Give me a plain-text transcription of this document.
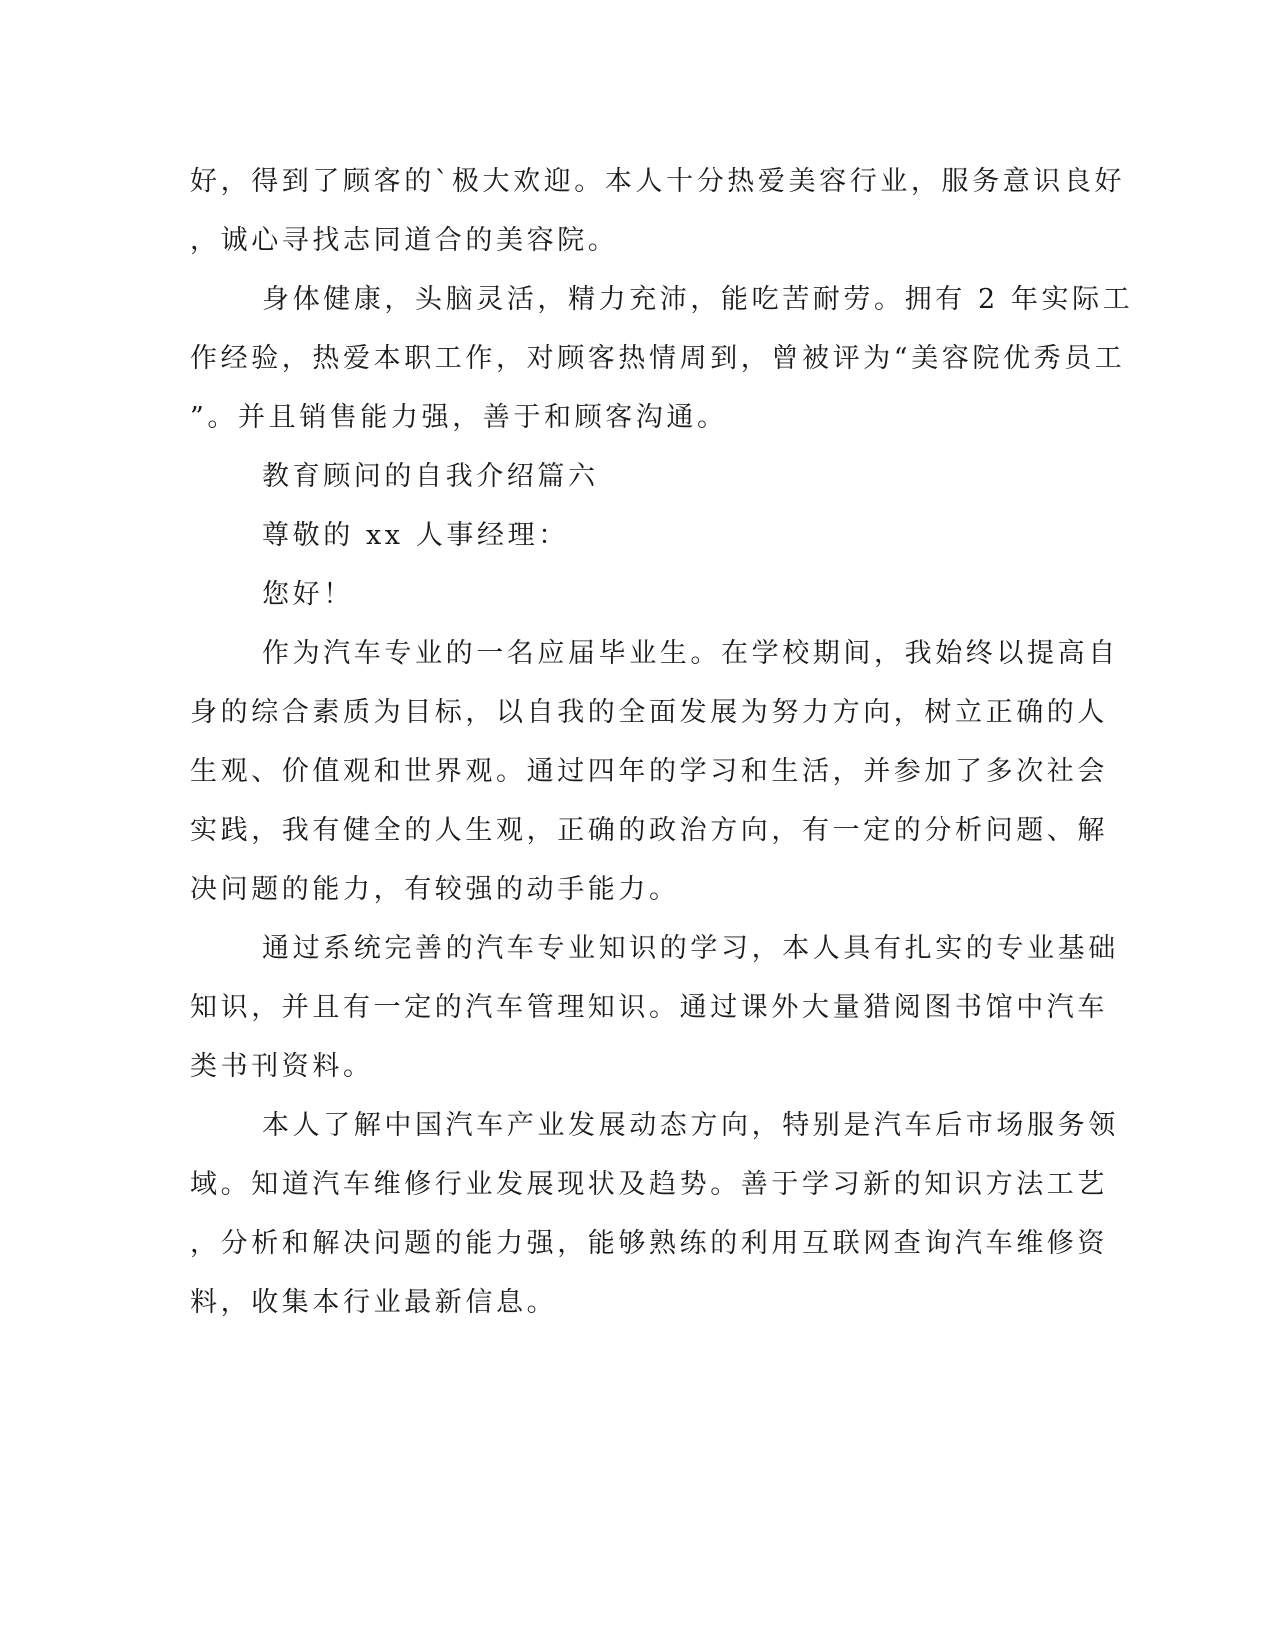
好，得到了顾客的`极大欢迎。本人十分热爱美容行业，服务意识良好
，诚心寻找志同道合的美容院。
身体健康，头脑灵活，精力充沛，能吃苦耐劳。拥有 2 年实际工
作经验，热爱本职工作，对顾客热情周到，曾被评为“美容院优秀员工
”。并且销售能力强，善于和顾客沟通。
教育顾问的自我介绍篇六
尊敬的 xx 人事经理：
您好！
作为汽车专业的一名应届毕业生。在学校期间，我始终以提高自
身的综合素质为目标，以自我的全面发展为努力方向，树立正确的人
生观、价值观和世界观。通过四年的学习和生活，并参加了多次社会
实践，我有健全的人生观，正确的政治方向，有一定的分析问题、解
决问题的能力，有较强的动手能力。
通过系统完善的汽车专业知识的学习，本人具有扎实的专业基础
知识，并且有一定的汽车管理知识。通过课外大量猎阅图书馆中汽车
类书刊资料。
本人了解中国汽车产业发展动态方向，特别是汽车后市场服务领
域。知道汽车维修行业发展现状及趋势。善于学习新的知识方法工艺
，分析和解决问题的能力强，能够熟练的利用互联网查询汽车维修资
料，收集本行业最新信息。
